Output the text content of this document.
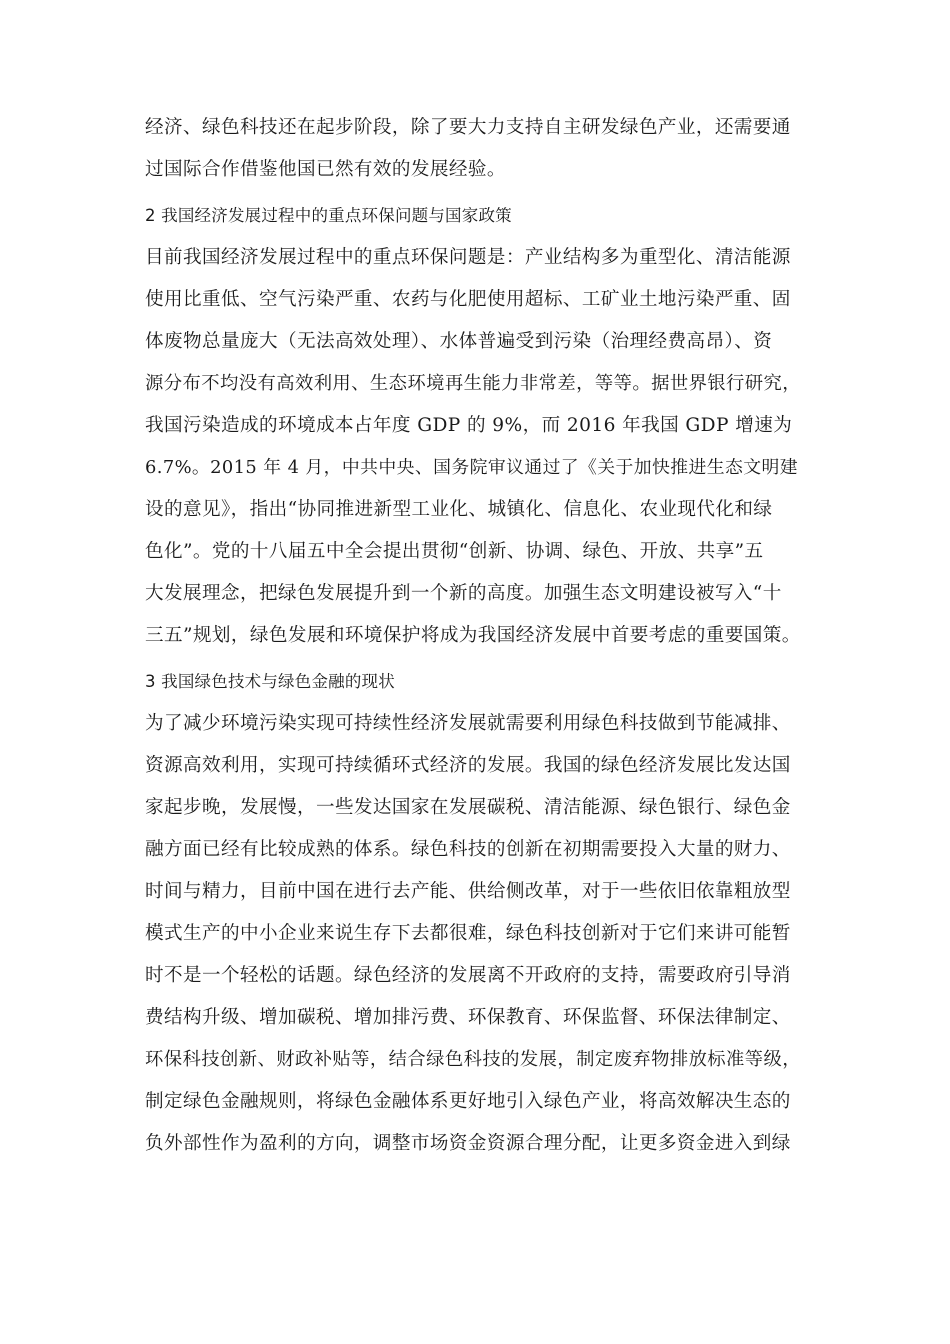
经济、绿色科技还在起步阶段，除了要大力支持自主研发绿色产业，还需要通
过国际合作借鉴他国已然有效的发展经验。
2 我国经济发展过程中的重点环保问题与国家政策
目前我国经济发展过程中的重点环保问题是：产业结构多为重型化、清洁能源
使用比重低、空气污染严重、农药与化肥使用超标、工矿业土地污染严重、固
体废物总量庞大（无法高效处理）、水体普遍受到污染（治理经费高昂）、资
源分布不均没有高效利用、生态环境再生能力非常差，等等。据世界银行研究，
我国污染造成的环境成本占年度 GDP 的 9%，而 2016 年我国 GDP 增速为
6.7%。2015 年 4 月，中共中央、国务院审议通过了《关于加快推进生态文明建
设的意见》，指出“协同推进新型工业化、城镇化、信息化、农业现代化和绿
色化”。党的十八届五中全会提出贯彻“创新、协调、绿色、开放、共享”五
大发展理念，把绿色发展提升到一个新的高度。加强生态文明建设被写入“十
三五”规划，绿色发展和环境保护将成为我国经济发展中首要考虑的重要国策。
3 我国绿色技术与绿色金融的现状
为了减少环境污染实现可持续性经济发展就需要利用绿色科技做到节能减排、
资源高效利用，实现可持续循环式经济的发展。我国的绿色经济发展比发达国
家起步晚，发展慢，一些发达国家在发展碳税、清洁能源、绿色银行、绿色金
融方面已经有比较成熟的体系。绿色科技的创新在初期需要投入大量的财力、
时间与精力，目前中国在进行去产能、供给侧改革，对于一些依旧依靠粗放型
模式生产的中小企业来说生存下去都很难，绿色科技创新对于它们来讲可能暂
时不是一个轻松的话题。绿色经济的发展离不开政府的支持，需要政府引导消
费结构升级、增加碳税、增加排污费、环保教育、环保监督、环保法律制定、
环保科技创新、财政补贴等，结合绿色科技的发展，制定废弃物排放标准等级，
制定绿色金融规则，将绿色金融体系更好地引入绿色产业，将高效解决生态的
负外部性作为盈利的方向，调整市场资金资源合理分配，让更多资金进入到绿
